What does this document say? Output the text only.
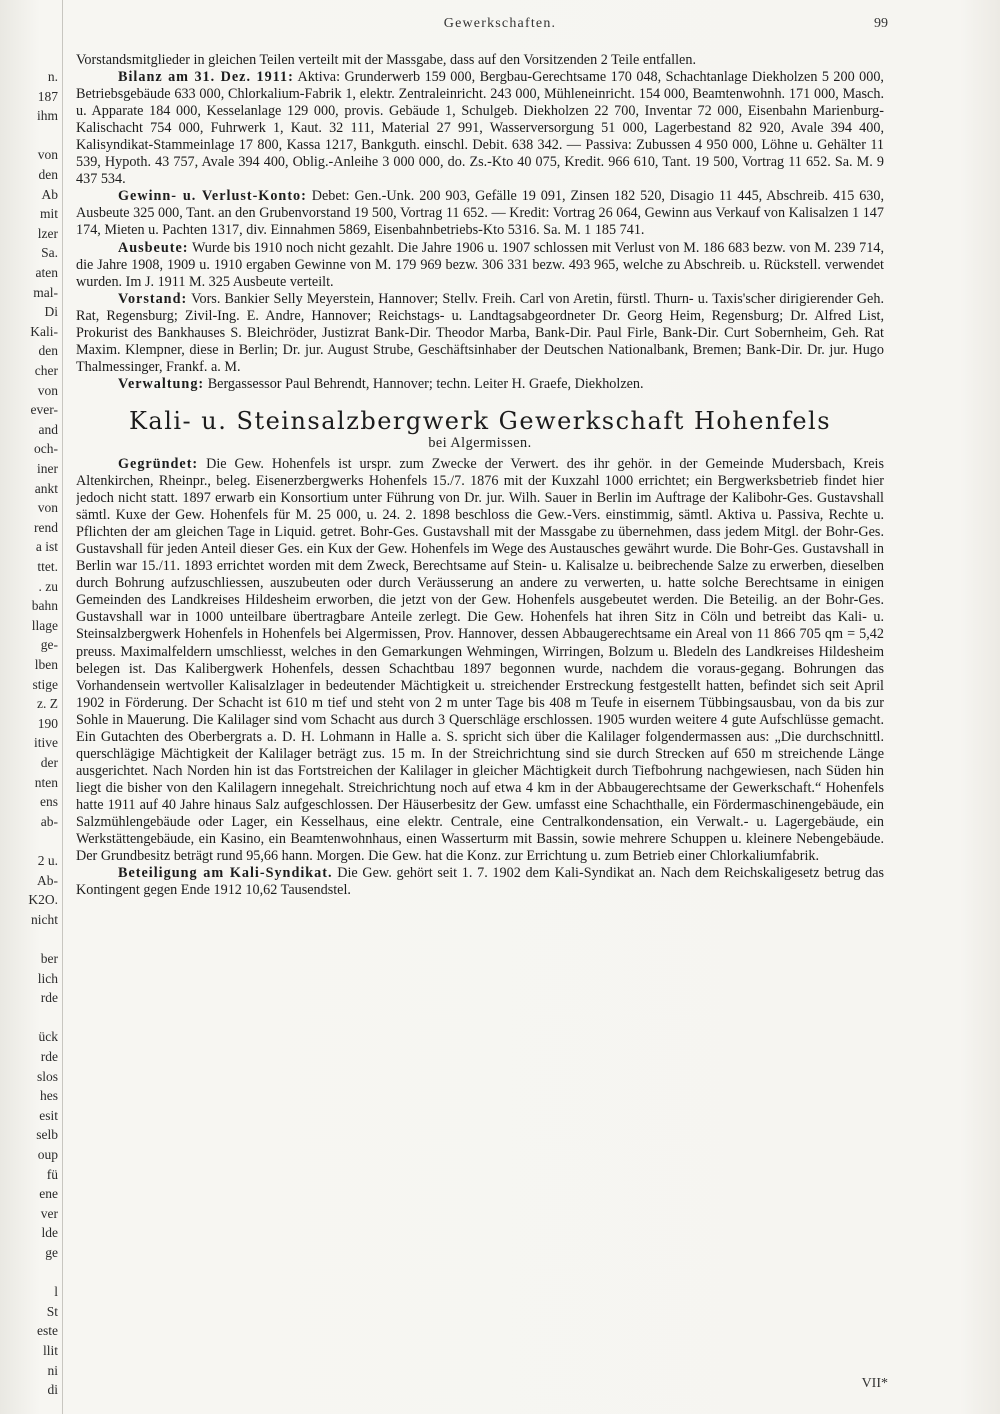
n.
187
ihm
von
den
Ab
mit
lzer
Sa.
aten
mal-
Di
Kali-
den
cher
von
ever-
and
och-
iner
ankt
von
rend
a ist
ttet.
. zu
bahn
llage
ge-
lben
stige
z. Z
190
itive
der
nten
ens
ab-
2 u.
Ab-
K2O.
nicht
ber
lich
rde
ück
rde
slos
hes
esit
selb
oup
fü
ene
ver
lde
ge
l
St
este
llit
ni
di
Gewerkschaften.	99

Vorstandsmitglieder in gleichen Teilen verteilt mit der Massgabe, dass auf den Vorsitzenden 2 Teile entfallen.

Bilanz am 31. Dez. 1911: Aktiva: Grunderwerb 159 000, Bergbau-Gerechtsame 170 048, Schachtanlage Diekholzen 5 200 000, Betriebsgebäude 633 000, Chlorkalium-Fabrik 1, elektr. Zentraleinricht. 243 000, Mühleneinricht. 154 000, Beamtenwohnh. 171 000, Masch. u. Apparate 184 000, Kesselanlage 129 000, provis. Gebäude 1, Schulgeb. Diekholzen 22 700, Inventar 72 000, Eisenbahn Marienburg-Kalischacht 754 000, Fuhrwerk 1, Kaut. 32 111, Material 27 991, Wasserversorgung 51 000, Lagerbestand 82 920, Avale 394 400, Kalisyndikat-Stammeinlage 17 800, Kassa 1217, Bankguth. einschl. Debit. 638 342. — Passiva: Zubussen 4 950 000, Löhne u. Gehälter 11 539, Hypoth. 43 757, Avale 394 400, Oblig.-Anleihe 3 000 000, do. Zs.-Kto 40 075, Kredit. 966 610, Tant. 19 500, Vortrag 11 652. Sa. M. 9 437 534.

Gewinn- u. Verlust-Konto: Debet: Gen.-Unk. 200 903, Gefälle 19 091, Zinsen 182 520, Disagio 11 445, Abschreib. 415 630, Ausbeute 325 000, Tant. an den Grubenvorstand 19 500, Vortrag 11 652. — Kredit: Vortrag 26 064, Gewinn aus Verkauf von Kalisalzen 1 147 174, Mieten u. Pachten 1317, div. Einnahmen 5869, Eisenbahnbetriebs-Kto 5316. Sa. M. 1 185 741.

Ausbeute: Wurde bis 1910 noch nicht gezahlt. Die Jahre 1906 u. 1907 schlossen mit Verlust von M. 186 683 bezw. von M. 239 714, die Jahre 1908, 1909 u. 1910 ergaben Gewinne von M. 179 969 bezw. 306 331 bezw. 493 965, welche zu Abschreib. u. Rückstell. verwendet wurden. Im J. 1911 M. 325 Ausbeute verteilt.

Vorstand: Vors. Bankier Selly Meyerstein, Hannover; Stellv. Freih. Carl von Aretin, fürstl. Thurn- u. Taxis'scher dirigierender Geh. Rat, Regensburg; Zivil-Ing. E. Andre, Hannover; Reichstags- u. Landtagsabgeordneter Dr. Georg Heim, Regensburg; Dr. Alfred List, Prokurist des Bankhauses S. Bleichröder, Justizrat Bank-Dir. Theodor Marba, Bank-Dir. Paul Firle, Bank-Dir. Curt Sobernheim, Geh. Rat Maxim. Klempner, diese in Berlin; Dr. jur. August Strube, Geschäftsinhaber der Deutschen Nationalbank, Bremen; Bank-Dir. Dr. jur. Hugo Thalmessinger, Frankf. a. M.

Verwaltung: Bergassessor Paul Behrendt, Hannover; techn. Leiter H. Graefe, Diekholzen.

Kali- u. Steinsalzbergwerk Gewerkschaft Hohenfels
bei Algermissen.

Gegründet: Die Gew. Hohenfels ist urspr. zum Zwecke der Verwert. des ihr gehör. in der Gemeinde Mudersbach, Kreis Altenkirchen, Rheinpr., beleg. Eisenerzbergwerks Hohenfels 15./7. 1876 mit der Kuxzahl 1000 errichtet; ein Bergwerksbetrieb findet hier jedoch nicht statt. 1897 erwarb ein Konsortium unter Führung von Dr. jur. Wilh. Sauer in Berlin im Auftrage der Kalibohr-Ges. Gustavshall sämtl. Kuxe der Gew. Hohenfels für M. 25 000, u. 24. 2. 1898 beschloss die Gew.-Vers. einstimmig, sämtl. Aktiva u. Passiva, Rechte u. Pflichten der am gleichen Tage in Liquid. getret. Bohr-Ges. Gustavshall mit der Massgabe zu übernehmen, dass jedem Mitgl. der Bohr-Ges. Gustavshall für jeden Anteil dieser Ges. ein Kux der Gew. Hohenfels im Wege des Austausches gewährt wurde. Die Bohr-Ges. Gustavshall in Berlin war 15./11. 1893 errichtet worden mit dem Zweck, Berechtsame auf Stein- u. Kalisalze u. beibrechende Salze zu erwerben, dieselben durch Bohrung aufzuschliessen, auszubeuten oder durch Veräusserung an andere zu verwerten, u. hatte solche Berechtsame in einigen Gemeinden des Landkreises Hildesheim erworben, die jetzt von der Gew. Hohenfels ausgebeutet werden. Die Beteilig. an der Bohr-Ges. Gustavshall war in 1000 unteilbare übertragbare Anteile zerlegt. Die Gew. Hohenfels hat ihren Sitz in Cöln und betreibt das Kali- u. Steinsalzbergwerk Hohenfels in Hohenfels bei Algermissen, Prov. Hannover, dessen Abbaugerechtsame ein Areal von 11 866 705 qm = 5,42 preuss. Maximalfeldern umschliesst, welches in den Gemarkungen Wehmingen, Wirringen, Bolzum u. Bledeln des Landkreises Hildesheim belegen ist. Das Kalibergwerk Hohenfels, dessen Schachtbau 1897 begonnen wurde, nachdem die voraus-gegang. Bohrungen das Vorhandensein wertvoller Kalisalzlager in bedeutender Mächtigkeit u. streichender Erstreckung festgestellt hatten, befindet sich seit April 1902 in Förderung. Der Schacht ist 610 m tief und steht von 2 m unter Tage bis 408 m Teufe in eisernem Tübbingsausbau, von da bis zur Sohle in Mauerung. Die Kalilager sind vom Schacht aus durch 3 Querschläge erschlossen. 1905 wurden weitere 4 gute Aufschlüsse gemacht. Ein Gutachten des Oberbergrats a. D. H. Lohmann in Halle a. S. spricht sich über die Kalilager folgendermassen aus: „Die durchschnittl. querschlägige Mächtigkeit der Kalilager beträgt zus. 15 m. In der Streichrichtung sind sie durch Strecken auf 650 m streichende Länge ausgerichtet. Nach Norden hin ist das Fortstreichen der Kalilager in gleicher Mächtigkeit durch Tiefbohrung nachgewiesen, nach Süden hin liegt die bisher von den Kalilagern innegehalt. Streichrichtung noch auf etwa 4 km in der Abbaugerechtsame der Gewerkschaft.“ Hohenfels hatte 1911 auf 40 Jahre hinaus Salz aufgeschlossen. Der Häuserbesitz der Gew. umfasst eine Schachthalle, ein Fördermaschinengebäude, ein Salzmühlengebäude oder Lager, ein Kesselhaus, eine elektr. Centrale, eine Centralkondensation, ein Verwalt.- u. Lagergebäude, ein Werkstättengebäude, ein Kasino, ein Beamtenwohnhaus, einen Wasserturm mit Bassin, sowie mehrere Schuppen u. kleinere Nebengebäude. Der Grundbesitz beträgt rund 95,66 hann. Morgen. Die Gew. hat die Konz. zur Errichtung u. zum Betrieb einer Chlorkaliumfabrik.

Beteiligung am Kali-Syndikat. Die Gew. gehört seit 1. 7. 1902 dem Kali-Syndikat an. Nach dem Reichskaligesetz betrug das Kontingent gegen Ende 1912 10,62 Tausendstel.

VII*
